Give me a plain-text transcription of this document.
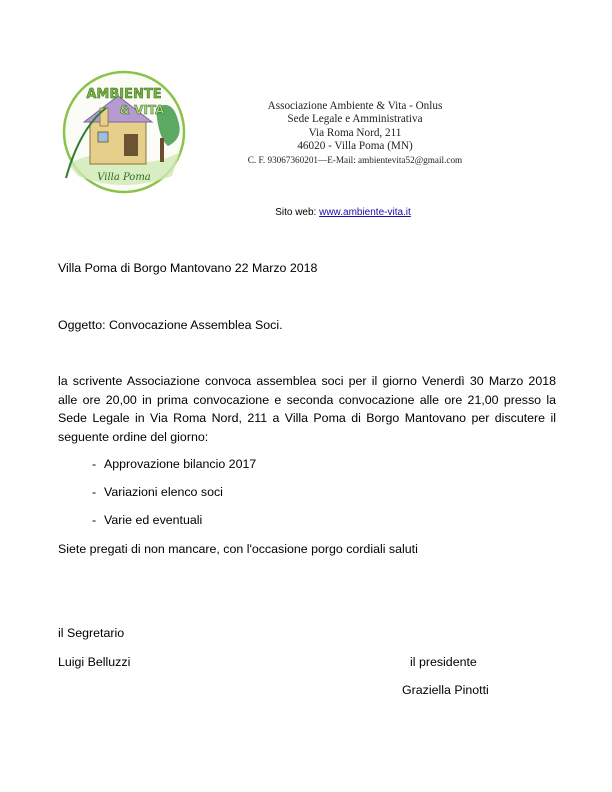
AMBIENTE
& VITA
Villa Poma
Associazione Ambiente & Vita - Onlus
Sede Legale e Amministrativa
Via Roma Nord, 211
46020 - Villa Poma (MN)
C. F. 93067360201—E-Mail: ambientevita52@gmail.com
Sito web: www.ambiente-vita.it
Villa Poma di Borgo Mantovano 22 Marzo 2018
Oggetto: Convocazione Assemblea Soci.
la scrivente Associazione convoca assemblea soci per il giorno Venerdì 30 Marzo 2018 alle ore 20,00 in prima convocazione e seconda convocazione alle ore 21,00 presso la Sede Legale in Via Roma Nord, 211 a Villa Poma di Borgo Mantovano per discutere il seguente ordine del giorno:
- Approvazione bilancio 2017
- Variazioni elenco soci
- Varie ed eventuali
Siete pregati di non mancare, con l'occasione porgo cordiali saluti
il Segretario
Luigi Belluzzi	il presidente
Graziella Pinotti
